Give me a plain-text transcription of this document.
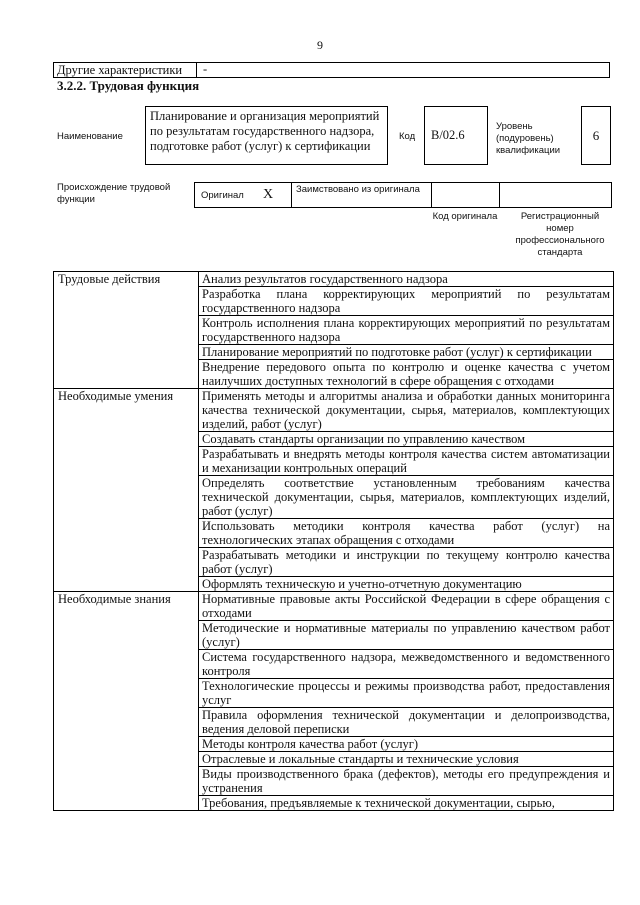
9
Другие характеристики -
3.2.2. Трудовая функция
Наименование
Планирование и организация мероприятий по результатам государственного надзора, подготовке работ (услуг) к сертификации
Код	B/02.6
Уровень (подуровень) квалификации
6
Происхождение трудовой функции	Оригинал X Заимствовано из оригинала
Код оригинала	Регистрационный номер профессионального стандарта
Трудовые действия	Анализ результатов государственного надзора
	Разработка плана корректирующих мероприятий по результатам государственного надзора
	Контроль исполнения плана корректирующих мероприятий по результатам государственного надзора
	Планирование мероприятий по подготовке работ (услуг) к сертификации
	Внедрение передового опыта по контролю и оценке качества с учетом наилучших доступных технологий в сфере обращения с отходами
Необходимые умения	Применять методы и алгоритмы анализа и обработки данных мониторинга качества технической документации, сырья, материалов, комплектующих изделий, работ (услуг)
	Создавать стандарты организации по управлению качеством
	Разрабатывать и внедрять методы контроля качества систем автоматизации и механизации контрольных операций
	Определять соответствие установленным требованиям качества технической документации, сырья, материалов, комплектующих изделий, работ (услуг)
	Использовать методики контроля качества работ (услуг) на технологических этапах обращения с отходами
	Разрабатывать методики и инструкции по текущему контролю качества работ (услуг)
	Оформлять техническую и учетно-отчетную документацию
Необходимые знания	Нормативные правовые акты Российской Федерации в сфере обращения с отходами
	Методические и нормативные материалы по управлению качеством работ (услуг)
	Система государственного надзора, межведомственного и ведомственного контроля
	Технологические процессы и режимы производства работ, предоставления услуг
	Правила оформления технической документации и делопроизводства, ведения деловой переписки
	Методы контроля качества работ (услуг)
	Отраслевые и локальные стандарты и технические условия
	Виды производственного брака (дефектов), методы его предупреждения и устранения
	Требования, предъявляемые к технической документации, сырью,
